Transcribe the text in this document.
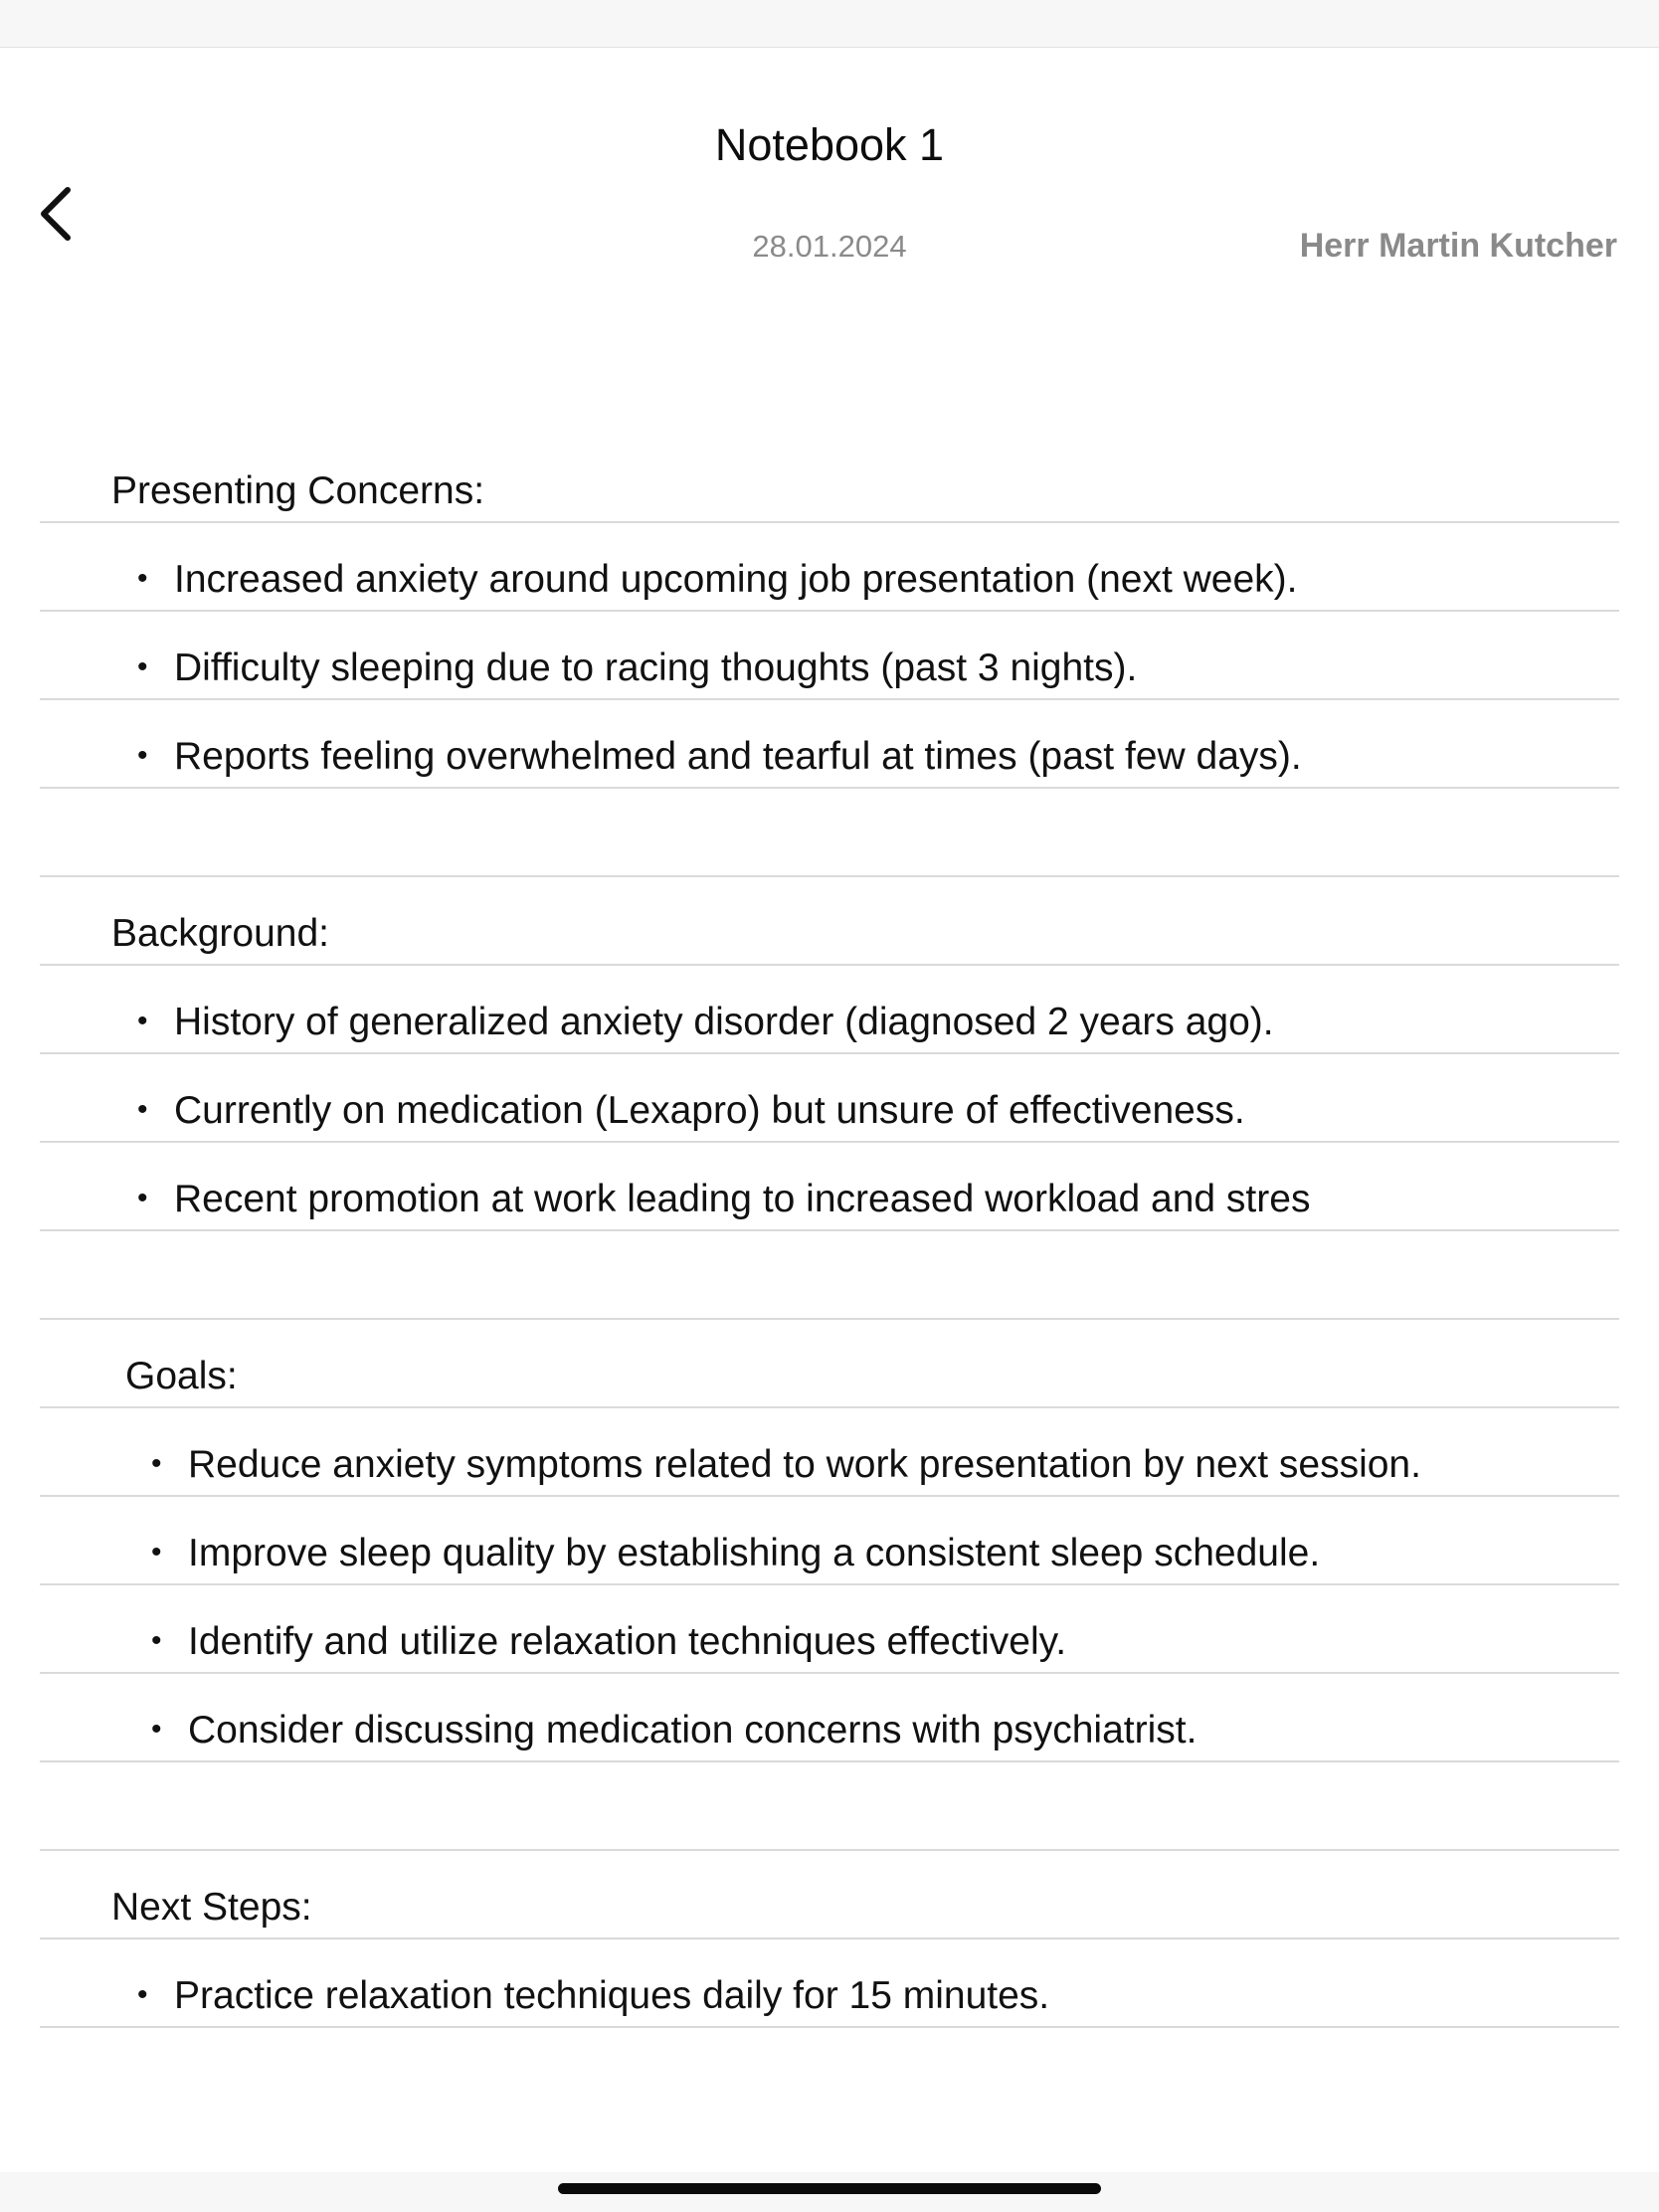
Notebook 1
28.01.2024	Herr Martin Kutcher
Presenting Concerns:
• Increased anxiety around upcoming job presentation (next week).
• Difficulty sleeping due to racing thoughts (past 3 nights).
• Reports feeling overwhelmed and tearful at times (past few days).
Background:
• History of generalized anxiety disorder (diagnosed 2 years ago).
• Currently on medication (Lexapro) but unsure of effectiveness.
• Recent promotion at work leading to increased workload and stres
Goals:
• Reduce anxiety symptoms related to work presentation by next session.
• Improve sleep quality by establishing a consistent sleep schedule.
• Identify and utilize relaxation techniques effectively.
• Consider discussing medication concerns with psychiatrist.
Next Steps:
• Practice relaxation techniques daily for 15 minutes.
